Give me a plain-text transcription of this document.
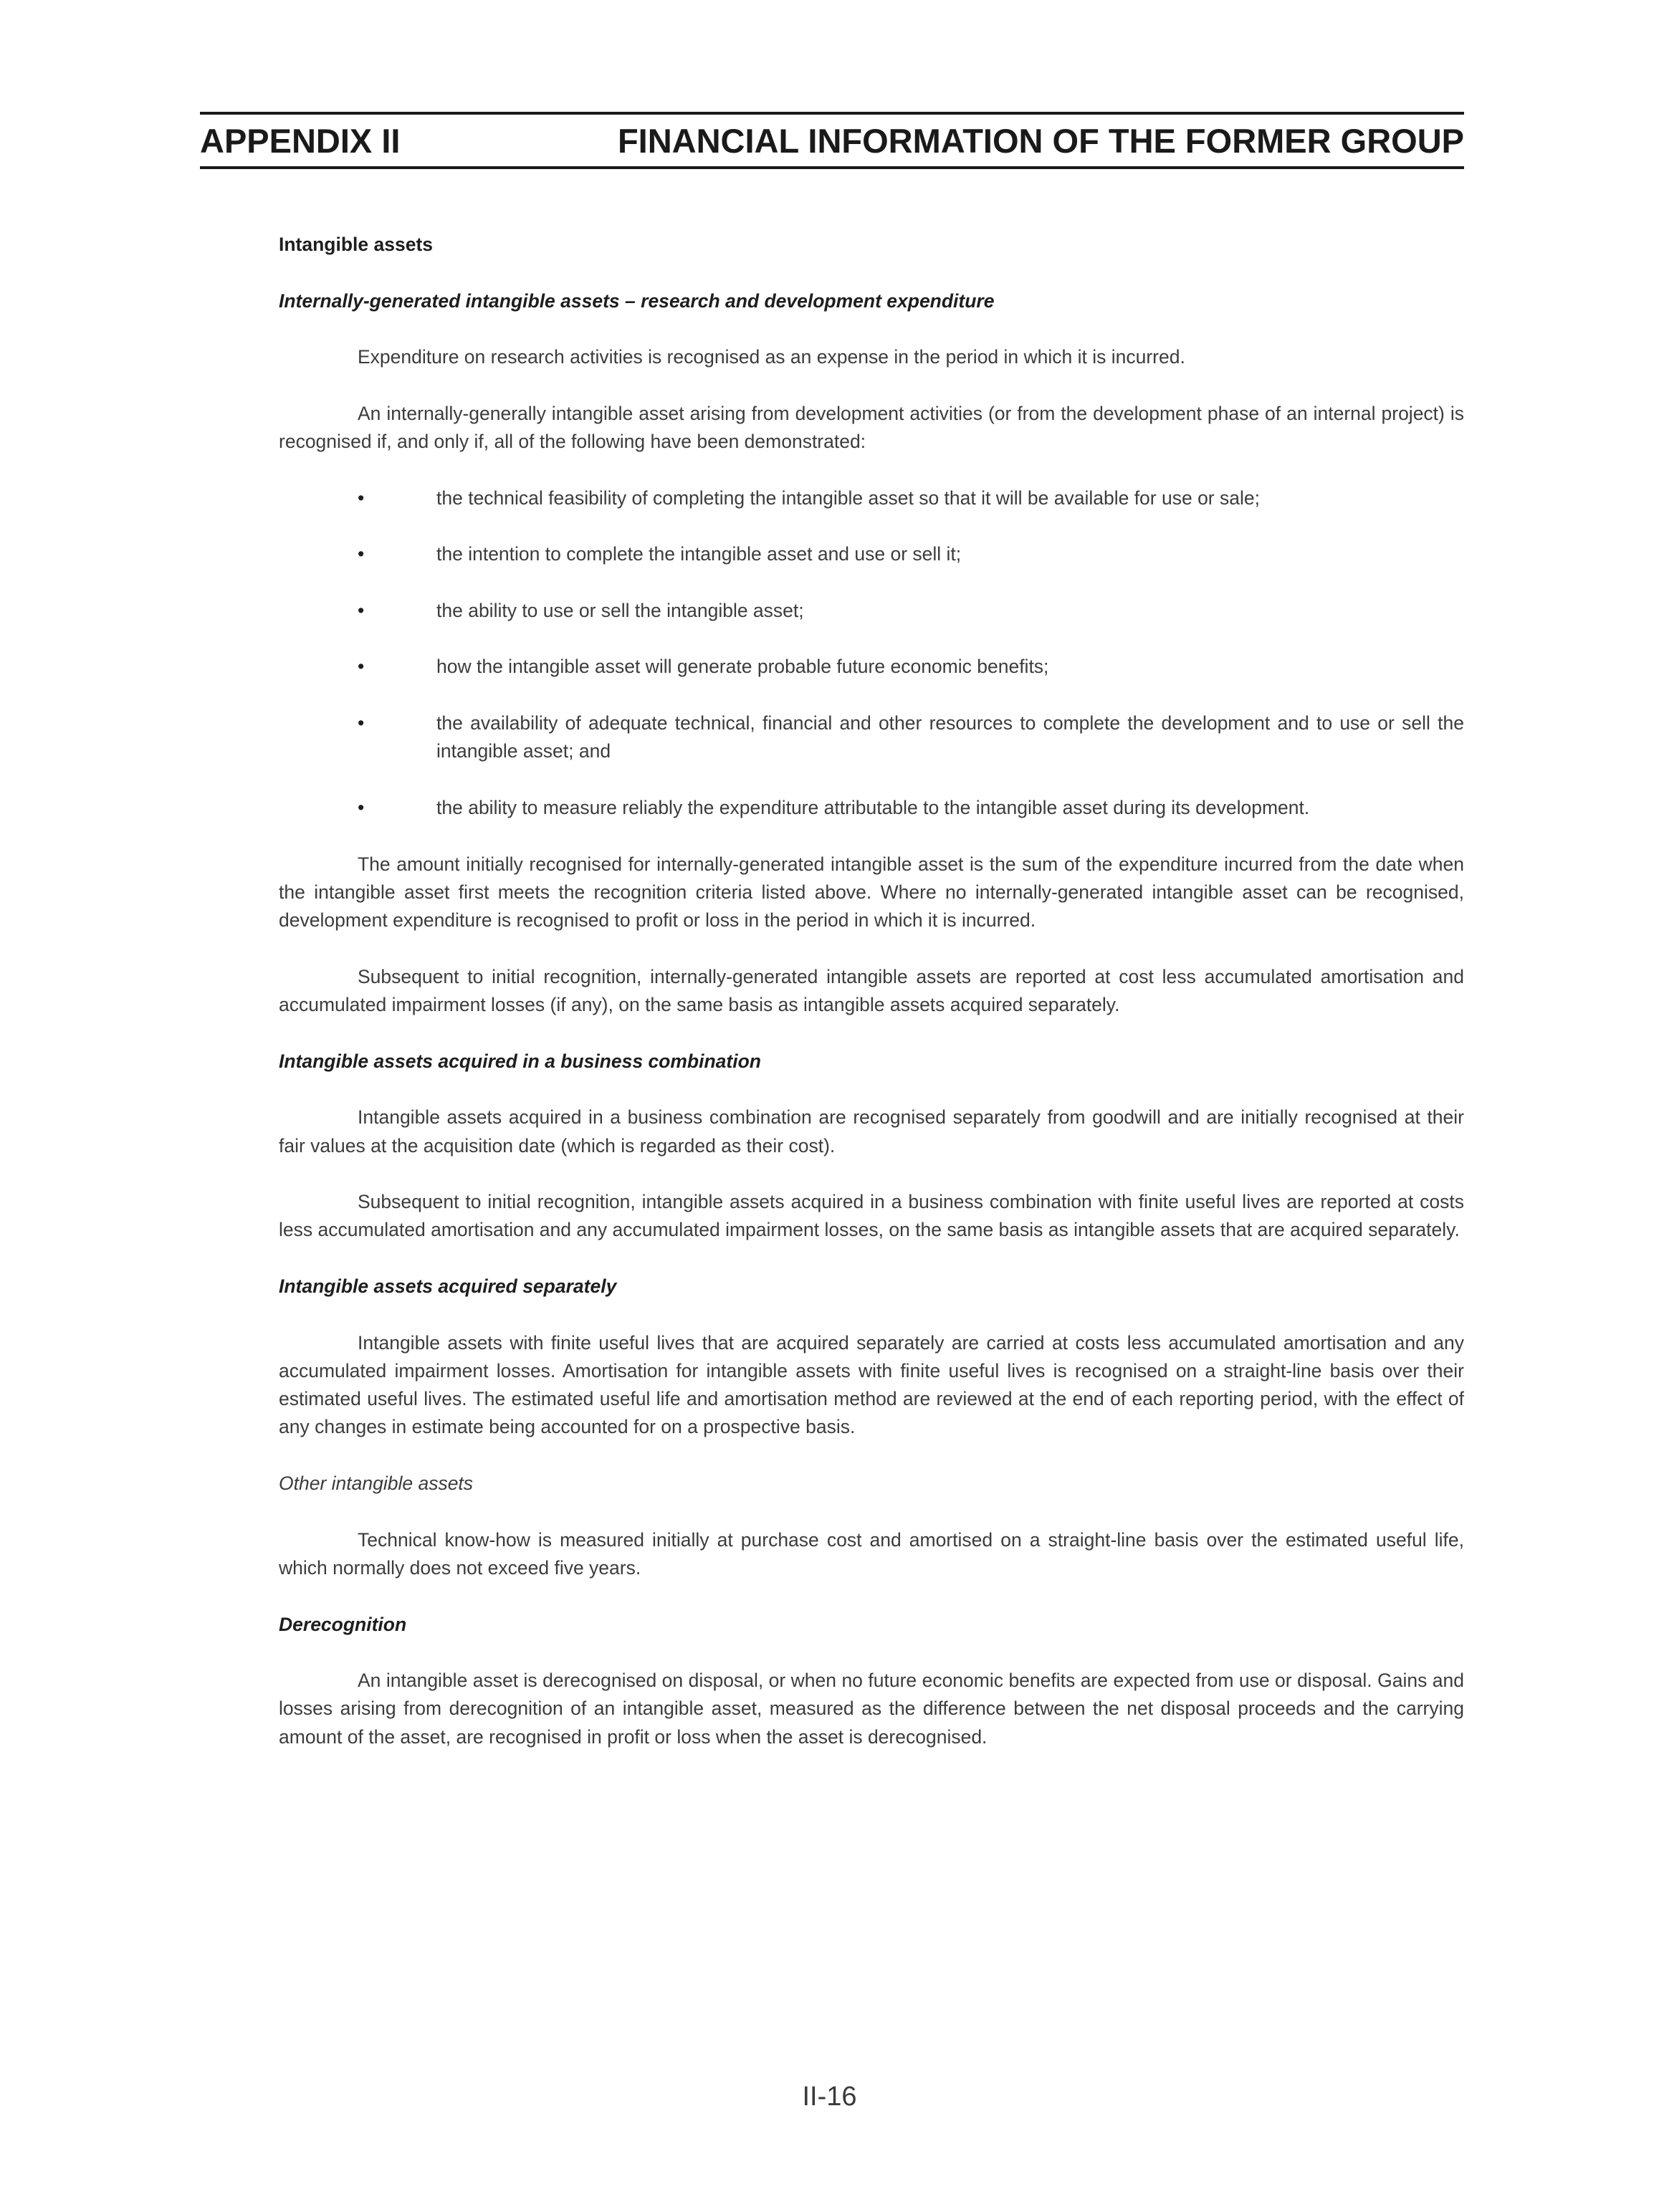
APPENDIX II	FINANCIAL INFORMATION OF THE FORMER GROUP
Intangible assets
Internally-generated intangible assets – research and development expenditure

Expenditure on research activities is recognised as an expense in the period in which it is incurred.

An internally-generally intangible asset arising from development activities (or from the development phase of an internal project) is recognised if, and only if, all of the following have been demonstrated:

•	the technical feasibility of completing the intangible asset so that it will be available for use or sale;
•	the intention to complete the intangible asset and use or sell it;
•	the ability to use or sell the intangible asset;
•	how the intangible asset will generate probable future economic benefits;
•	the availability of adequate technical, financial and other resources to complete the development and to use or sell the intangible asset; and
•	the ability to measure reliably the expenditure attributable to the intangible asset during its development.

The amount initially recognised for internally-generated intangible asset is the sum of the expenditure incurred from the date when the intangible asset first meets the recognition criteria listed above. Where no internally-generated intangible asset can be recognised, development expenditure is recognised to profit or loss in the period in which it is incurred.

Subsequent to initial recognition, internally-generated intangible assets are reported at cost less accumulated amortisation and accumulated impairment losses (if any), on the same basis as intangible assets acquired separately.

Intangible assets acquired in a business combination

Intangible assets acquired in a business combination are recognised separately from goodwill and are initially recognised at their fair values at the acquisition date (which is regarded as their cost).

Subsequent to initial recognition, intangible assets acquired in a business combination with finite useful lives are reported at costs less accumulated amortisation and any accumulated impairment losses, on the same basis as intangible assets that are acquired separately.

Intangible assets acquired separately

Intangible assets with finite useful lives that are acquired separately are carried at costs less accumulated amortisation and any accumulated impairment losses. Amortisation for intangible assets with finite useful lives is recognised on a straight-line basis over their estimated useful lives. The estimated useful life and amortisation method are reviewed at the end of each reporting period, with the effect of any changes in estimate being accounted for on a prospective basis.

Other intangible assets

Technical know-how is measured initially at purchase cost and amortised on a straight-line basis over the estimated useful life, which normally does not exceed five years.

Derecognition

An intangible asset is derecognised on disposal, or when no future economic benefits are expected from use or disposal. Gains and losses arising from derecognition of an intangible asset, measured as the difference between the net disposal proceeds and the carrying amount of the asset, are recognised in profit or loss when the asset is derecognised.

II-16
